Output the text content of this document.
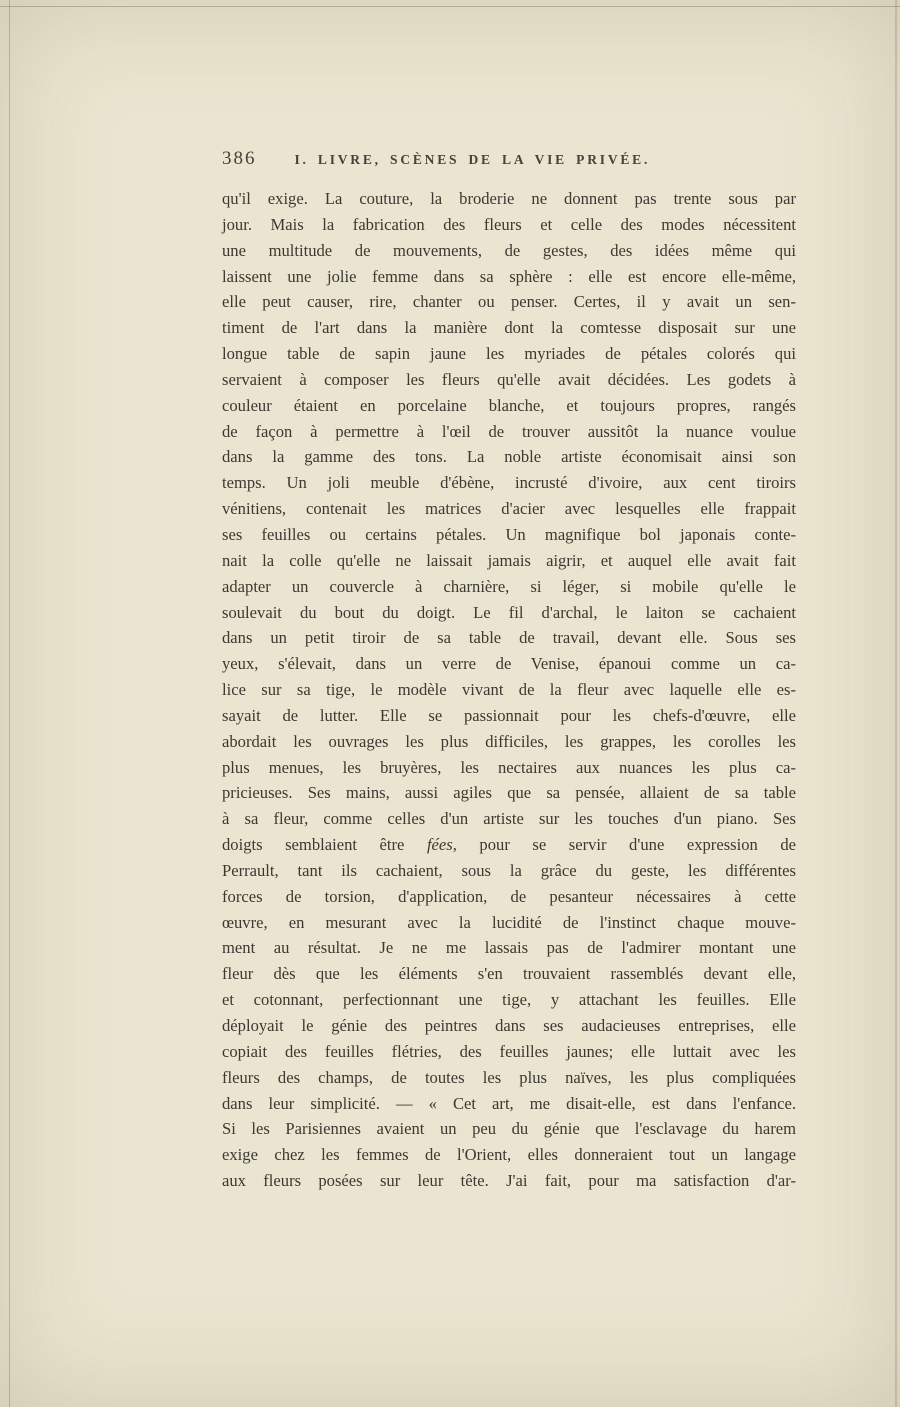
386	I. LIVRE, SCÈNES DE LA VIE PRIVÉE.
qu'il exige. La couture, la broderie ne donnent pas trente sous par
jour. Mais la fabrication des fleurs et celle des modes nécessitent
une multitude de mouvements, de gestes, des idées même qui
laissent une jolie femme dans sa sphère : elle est encore elle-même,
elle peut causer, rire, chanter ou penser. Certes, il y avait un sen-
timent de l'art dans la manière dont la comtesse disposait sur une
longue table de sapin jaune les myriades de pétales colorés qui
servaient à composer les fleurs qu'elle avait décidées. Les godets à
couleur étaient en porcelaine blanche, et toujours propres, rangés
de façon à permettre à l'œil de trouver aussitôt la nuance voulue
dans la gamme des tons. La noble artiste économisait ainsi son
temps. Un joli meuble d'ébène, incrusté d'ivoire, aux cent tiroirs
vénitiens, contenait les matrices d'acier avec lesquelles elle frappait
ses feuilles ou certains pétales. Un magnifique bol japonais conte-
nait la colle qu'elle ne laissait jamais aigrir, et auquel elle avait fait
adapter un couvercle à charnière, si léger, si mobile qu'elle le
soulevait du bout du doigt. Le fil d'archal, le laiton se cachaient
dans un petit tiroir de sa table de travail, devant elle. Sous ses
yeux, s'élevait, dans un verre de Venise, épanoui comme un ca-
lice sur sa tige, le modèle vivant de la fleur avec laquelle elle es-
sayait de lutter. Elle se passionnait pour les chefs-d'œuvre, elle
abordait les ouvrages les plus difficiles, les grappes, les corolles les
plus menues, les bruyères, les nectaires aux nuances les plus ca-
pricieuses. Ses mains, aussi agiles que sa pensée, allaient de sa table
à sa fleur, comme celles d'un artiste sur les touches d'un piano. Ses
doigts semblaient être fées, pour se servir d'une expression de
Perrault, tant ils cachaient, sous la grâce du geste, les différentes
forces de torsion, d'application, de pesanteur nécessaires à cette
œuvre, en mesurant avec la lucidité de l'instinct chaque mouve-
ment au résultat. Je ne me lassais pas de l'admirer montant une
fleur dès que les éléments s'en trouvaient rassemblés devant elle,
et cotonnant, perfectionnant une tige, y attachant les feuilles. Elle
déployait le génie des peintres dans ses audacieuses entreprises, elle
copiait des feuilles flétries, des feuilles jaunes; elle luttait avec les
fleurs des champs, de toutes les plus naïves, les plus compliquées
dans leur simplicité. — « Cet art, me disait-elle, est dans l'enfance.
Si les Parisiennes avaient un peu du génie que l'esclavage du harem
exige chez les femmes de l'Orient, elles donneraient tout un langage
aux fleurs posées sur leur tête. J'ai fait, pour ma satisfaction d'ar-
